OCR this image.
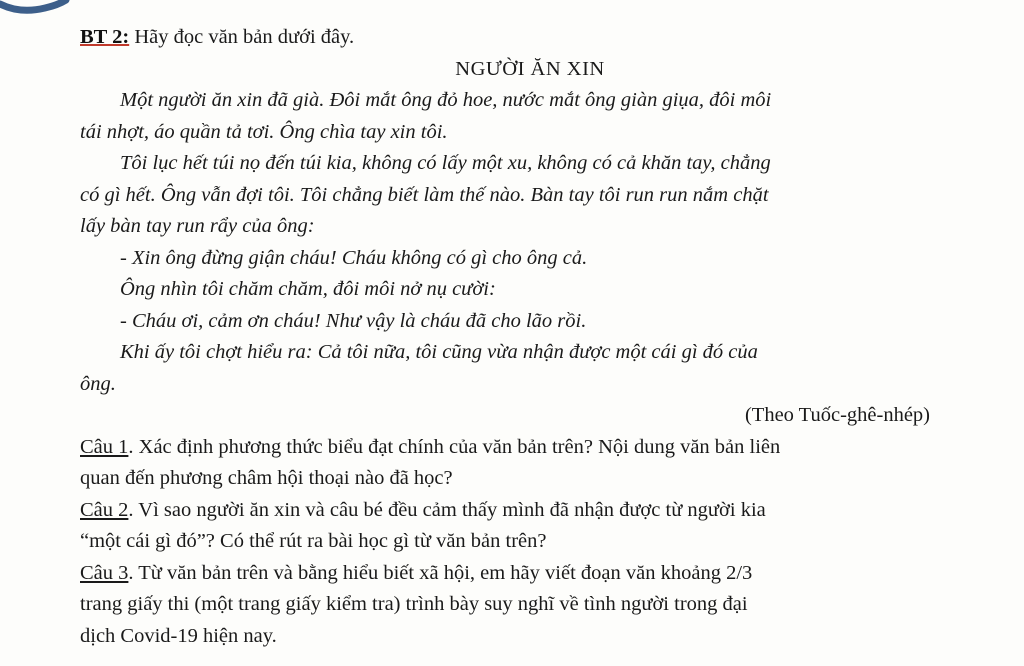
BT 2: Hãy đọc văn bản dưới đây.
NGƯỜI ĂN XIN
Một người ăn xin đã già. Đôi mắt ông đỏ hoe, nước mắt ông giàn giụa, đôi môi
tái nhợt, áo quần tả tơi. Ông chìa tay xin tôi.
Tôi lục hết túi nọ đến túi kia, không có lấy một xu, không có cả khăn tay, chẳng
có gì hết. Ông vẫn đợi tôi. Tôi chẳng biết làm thế nào. Bàn tay tôi run run nắm chặt
lấy bàn tay run rẩy của ông:
- Xin ông đừng giận cháu! Cháu không có gì cho ông cả.
Ông nhìn tôi chăm chăm, đôi môi nở nụ cười:
- Cháu ơi, cảm ơn cháu! Như vậy là cháu đã cho lão rồi.
Khi ấy tôi chợt hiểu ra: Cả tôi nữa, tôi cũng vừa nhận được một cái gì đó của
ông.
(Theo Tuốc-ghê-nhép)
Câu 1. Xác định phương thức biểu đạt chính của văn bản trên? Nội dung văn bản liên
quan đến phương châm hội thoại nào đã học?
Câu 2. Vì sao người ăn xin và câu bé đều cảm thấy mình đã nhận được từ người kia
“một cái gì đó”? Có thể rút ra bài học gì từ văn bản trên?
Câu 3. Từ văn bản trên và bằng hiểu biết xã hội, em hãy viết đoạn văn khoảng 2/3
trang giấy thi (một trang giấy kiểm tra) trình bày suy nghĩ về tình người trong đại
dịch Covid-19 hiện nay.
